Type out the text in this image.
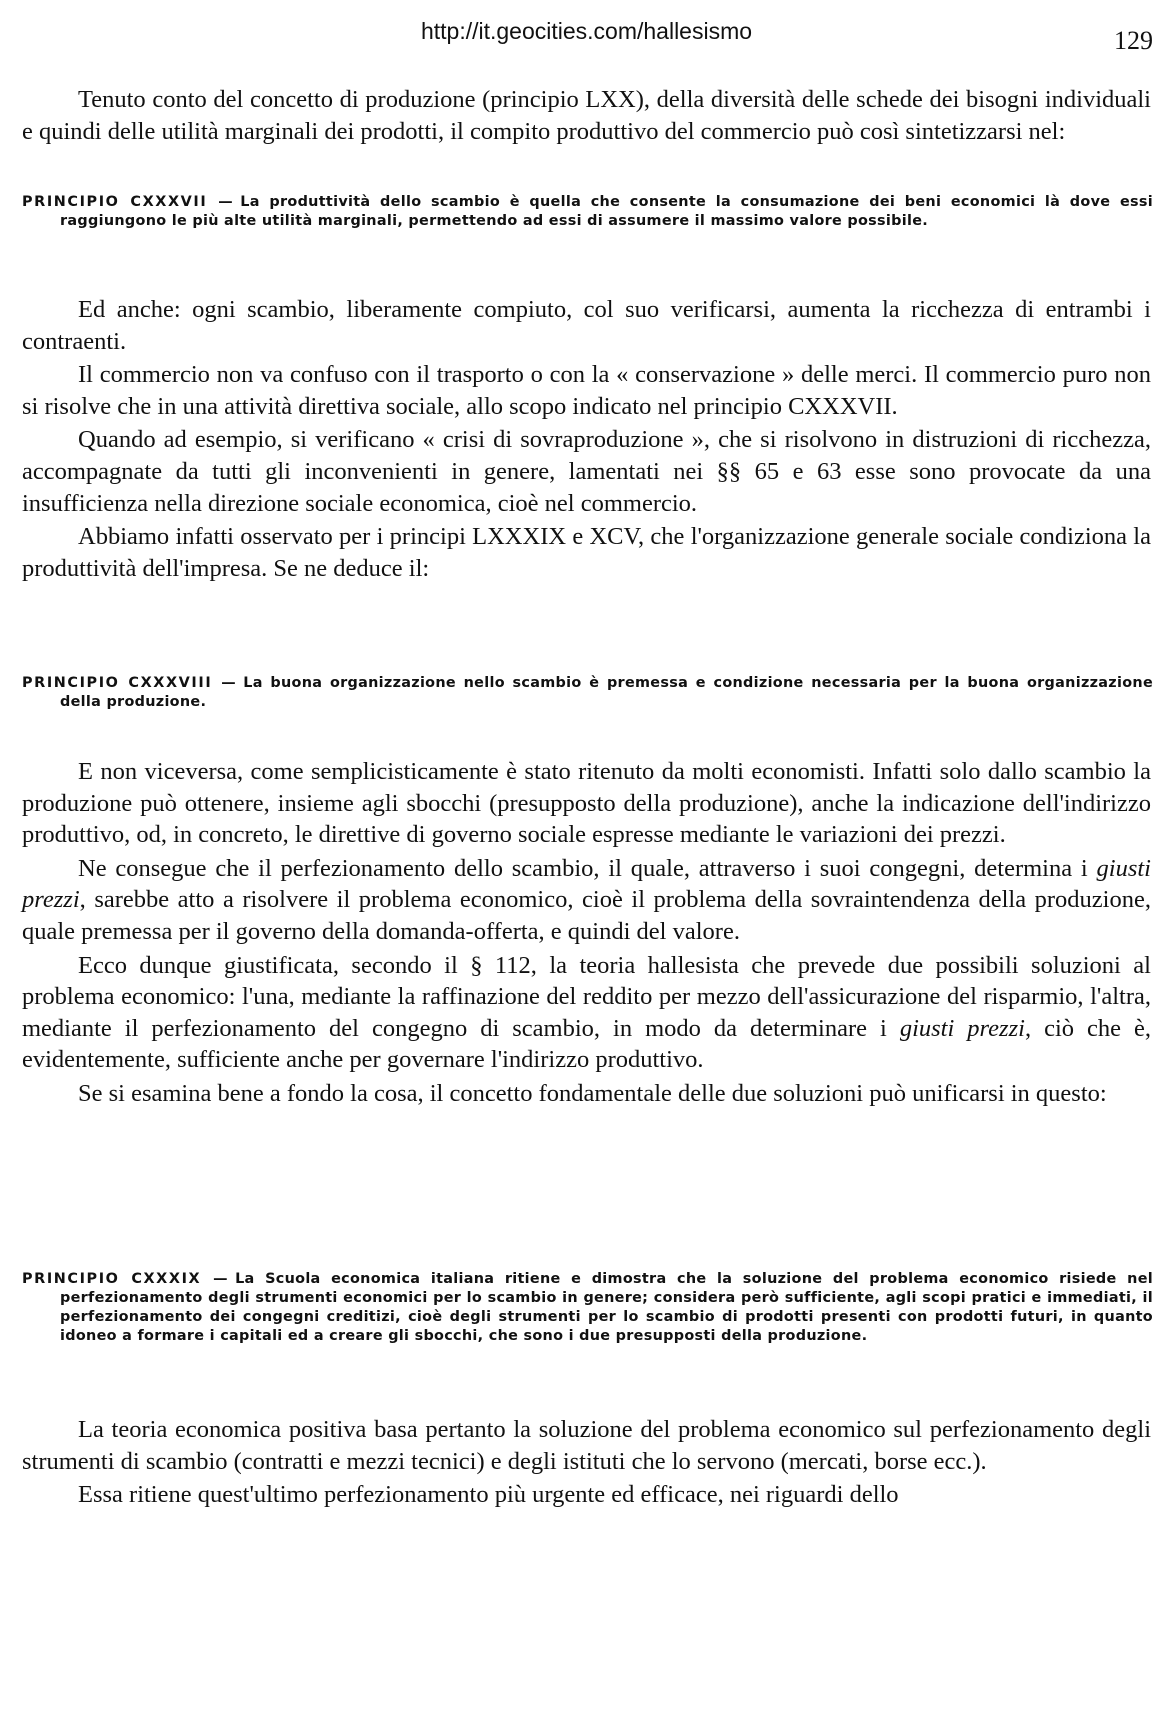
http://it.geocities.com/hallesismo	129

Tenuto conto del concetto di produzione (principio LXX), della diversità delle schede dei bisogni individuali e quindi delle utilità marginali dei prodotti, il compito produttivo del commercio può così sintetizzarsi nel:

PRINCIPIO CXXXVII — La produttività dello scambio è quella che consente la consumazione dei beni economici là dove essi raggiungono le più alte utilità marginali, permettendo ad essi di assumere il massimo valore possibile.

Ed anche: ogni scambio, liberamente compiuto, col suo verificarsi, aumenta la ricchezza di entrambi i contraenti.

Il commercio non va confuso con il trasporto o con la « conservazione » delle merci. Il commercio puro non si risolve che in una attività direttiva sociale, allo scopo indicato nel principio CXXXVII.

Quando ad esempio, si verificano « crisi di sovraproduzione », che si risolvono in distruzioni di ricchezza, accompagnate da tutti gli inconvenienti in genere, lamentati nei §§ 65 e 63 esse sono provocate da una insufficienza nella direzione sociale economica, cioè nel commercio.

Abbiamo infatti osservato per i principi LXXXIX e XCV, che l'organizzazione generale sociale condiziona la produttività dell'impresa. Se ne deduce il:

PRINCIPIO CXXXVIII — La buona organizzazione nello scambio è premessa e condizione necessaria per la buona organizzazione della produzione.

E non viceversa, come semplicisticamente è stato ritenuto da molti economisti. Infatti solo dallo scambio la produzione può ottenere, insieme agli sbocchi (presupposto della produzione), anche la indicazione dell'indirizzo produttivo, od, in concreto, le direttive di governo sociale espresse mediante le variazioni dei prezzi.

Ne consegue che il perfezionamento dello scambio, il quale, attraverso i suoi congegni, determina i giusti prezzi, sarebbe atto a risolvere il problema economico, cioè il problema della sovraintendenza della produzione, quale premessa per il governo della domanda-offerta, e quindi del valore.

Ecco dunque giustificata, secondo il § 112, la teoria hallesista che prevede due possibili soluzioni al problema economico: l'una, mediante la raffinazione del reddito per mezzo dell'assicurazione del risparmio, l'altra, mediante il perfezionamento del congegno di scambio, in modo da determinare i giusti prezzi, ciò che è, evidentemente, sufficiente anche per governare l'indirizzo produttivo.

Se si esamina bene a fondo la cosa, il concetto fondamentale delle due soluzioni può unificarsi in questo:

PRINCIPIO CXXXIX — La Scuola economica italiana ritiene e dimostra che la soluzione del problema economico risiede nel perfezionamento degli strumenti economici per lo scambio in genere; considera però sufficiente, agli scopi pratici e immediati, il perfezionamento dei congegni creditizi, cioè degli strumenti per lo scambio di prodotti presenti con prodotti futuri, in quanto idoneo a formare i capitali ed a creare gli sbocchi, che sono i due presupposti della produzione.

La teoria economica positiva basa pertanto la soluzione del problema economico sul perfezionamento degli strumenti di scambio (contratti e mezzi tecnici) e degli istituti che lo servono (mercati, borse ecc.).

Essa ritiene quest'ultimo perfezionamento più urgente ed efficace, nei riguardi dello
